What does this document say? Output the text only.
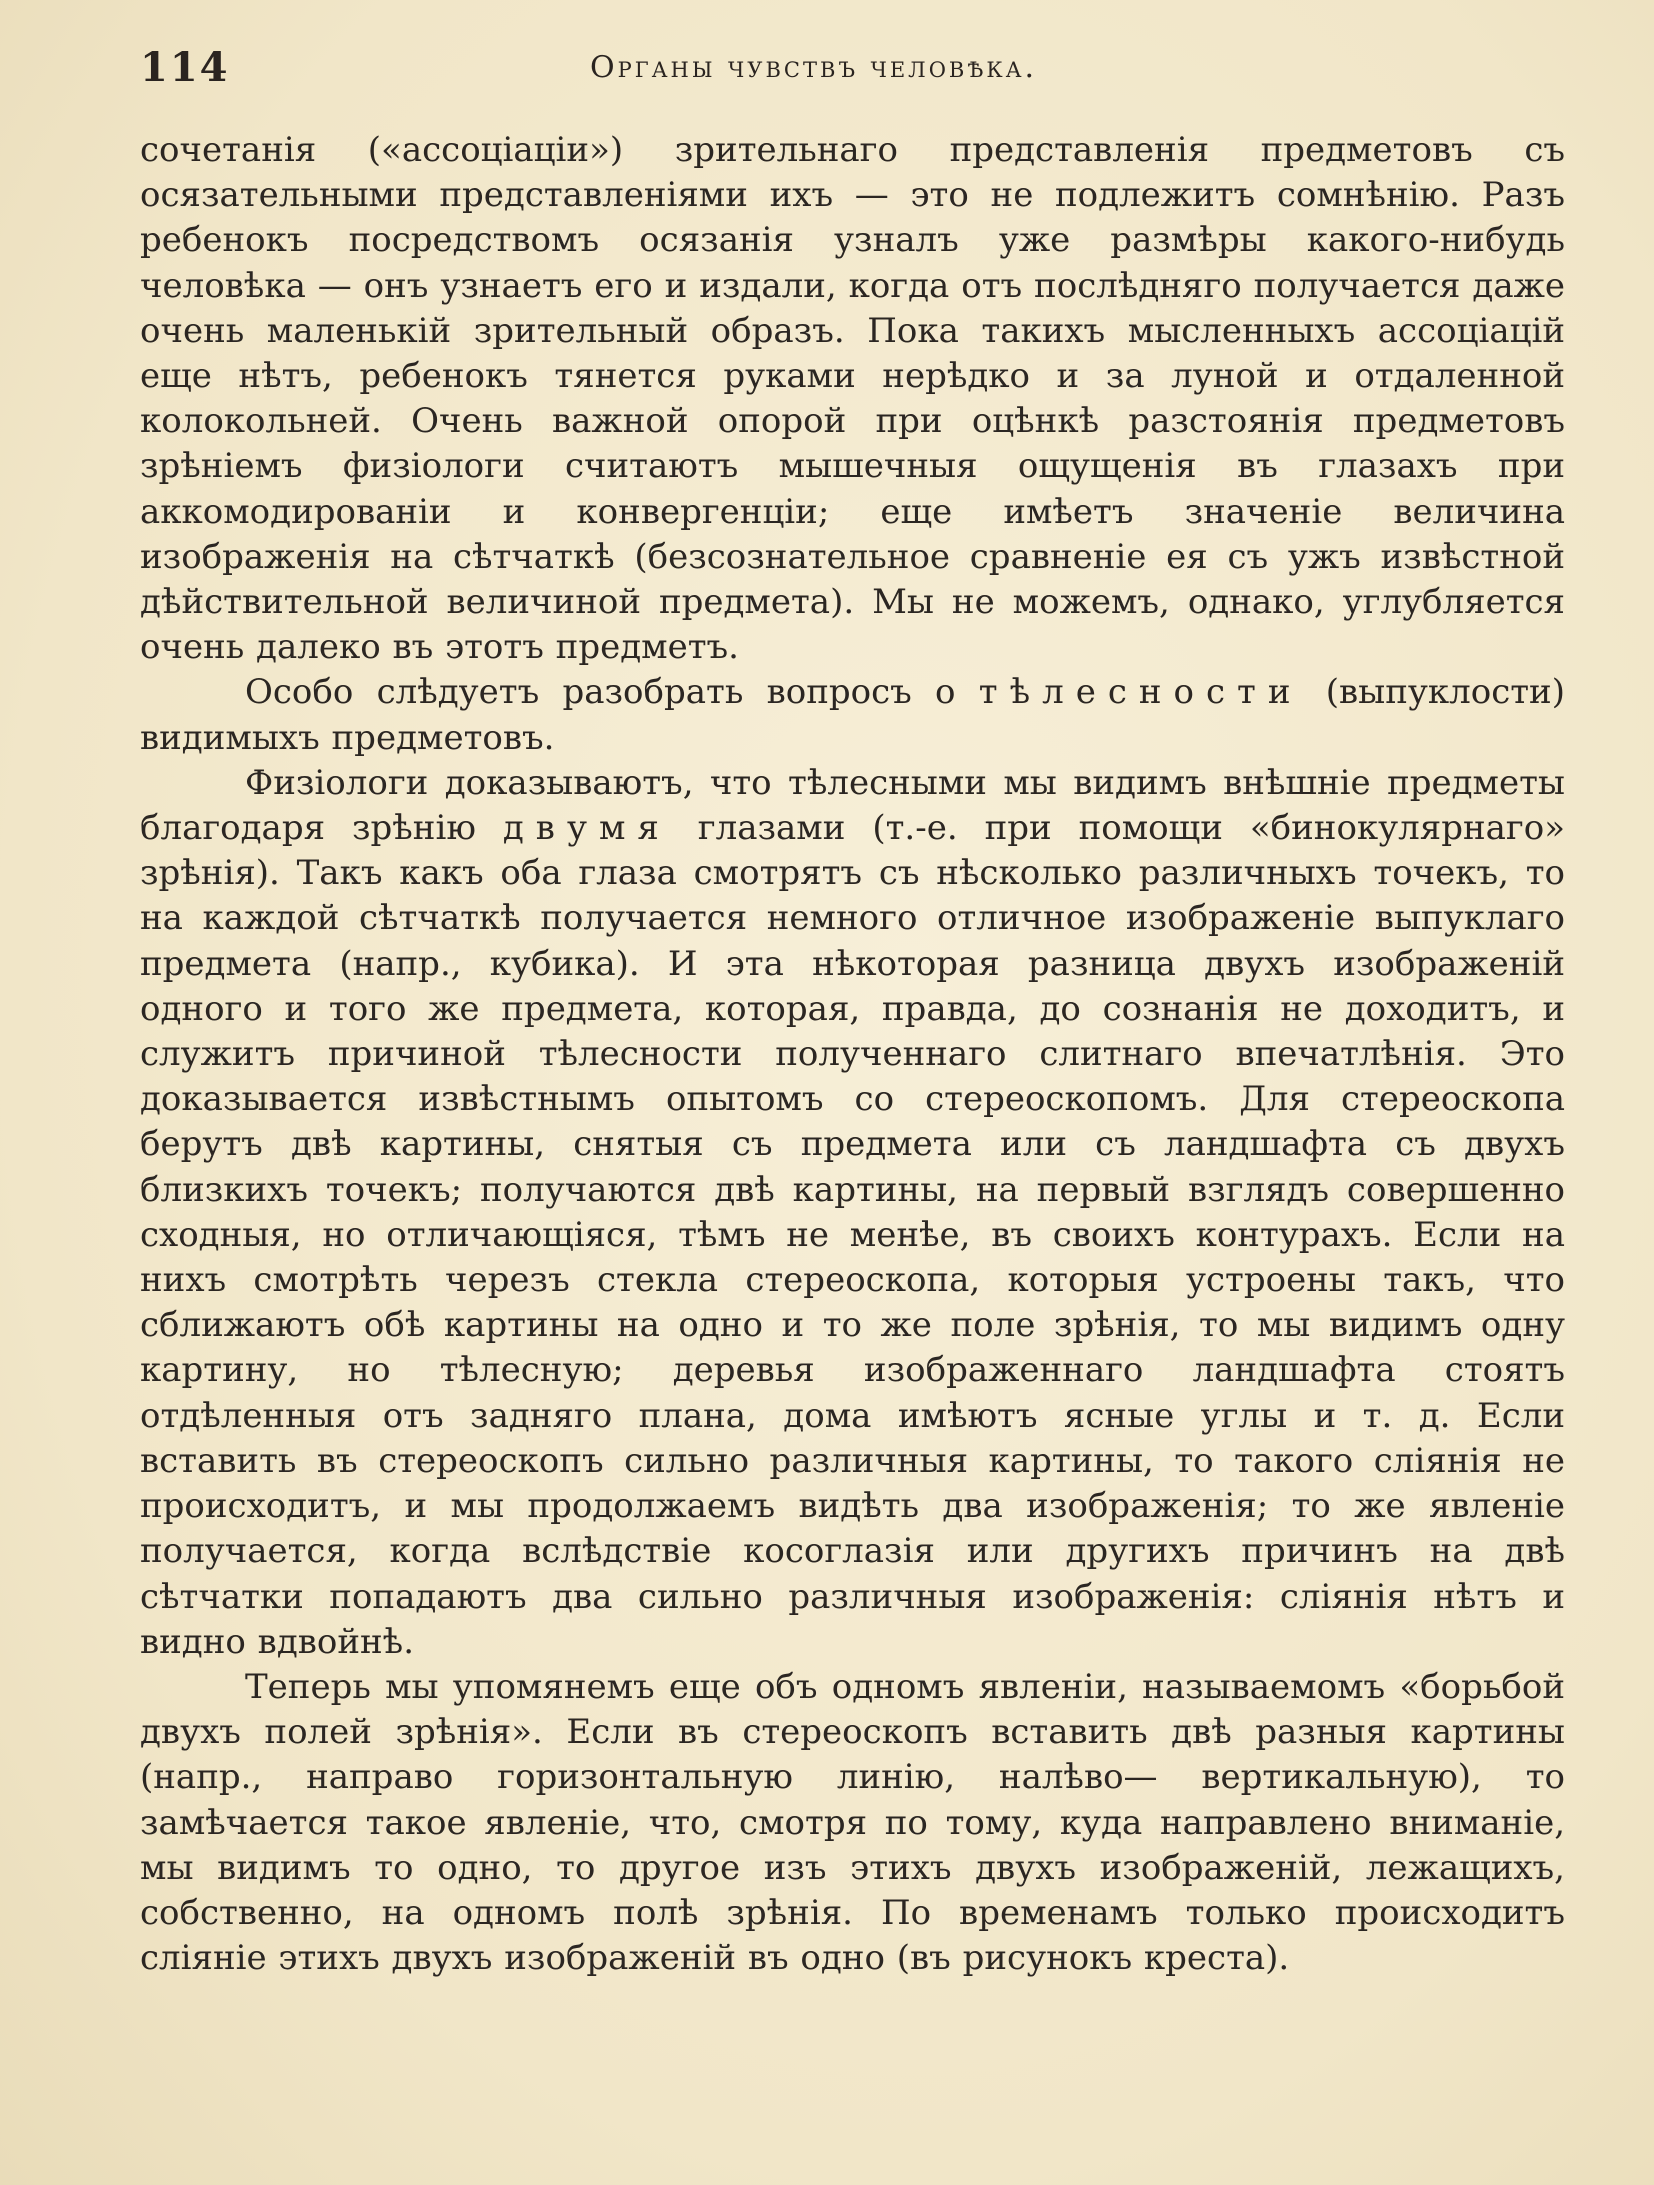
114	Органы чувствъ человѣка.

сочетанія («ассоціаціи») зрительнаго представленія предметовъ съ осязательными представленіями ихъ — это не подлежитъ сомнѣнію. Разъ ребенокъ посредствомъ осязанія узналъ уже размѣры какого-нибудь человѣка — онъ узнаетъ его и издали, когда отъ послѣдняго получается даже очень маленькій зрительный образъ. Пока такихъ мысленныхъ ассоціацій еще нѣтъ, ребенокъ тянется руками нерѣдко и за луной и отдаленной колокольней. Очень важной опорой при оцѣнкѣ разстоянія предметовъ зрѣніемъ физіологи считаютъ мышечныя ощущенія въ глазахъ при аккомодированіи и конвергенціи; еще имѣетъ значеніе величина изображенія на сѣтчаткѣ (безсознательное сравненіе ея съ ужъ извѣстной дѣйствительной величиной предмета). Мы не можемъ, однако, углубляется очень далеко въ этотъ предметъ.

Особо слѣдуетъ разобрать вопросъ о тѣлесности (выпуклости) видимыхъ предметовъ.

Физіологи доказываютъ, что тѣлесными мы видимъ внѣшніе предметы благодаря зрѣнію двумя глазами (т.-е. при помощи «бинокулярнаго» зрѣнія). Такъ какъ оба глаза смотрятъ съ нѣсколько различныхъ точекъ, то на каждой сѣтчаткѣ получается немного отличное изображеніе выпуклаго предмета (напр., кубика). И эта нѣкоторая разница двухъ изображеній одного и того же предмета, которая, правда, до сознанія не доходитъ, и служитъ причиной тѣлесности полученнаго слитнаго впечатлѣнія. Это доказывается извѣстнымъ опытомъ со стереоскопомъ. Для стереоскопа берутъ двѣ картины, снятыя съ предмета или съ ландшафта съ двухъ близкихъ точекъ; получаются двѣ картины, на первый взглядъ совершенно сходныя, но отличающіяся, тѣмъ не менѣе, въ своихъ контурахъ. Если на нихъ смотрѣть черезъ стекла стереоскопа, которыя устроены такъ, что сближаютъ обѣ картины на одно и то же поле зрѣнія, то мы видимъ одну картину, но тѣлесную; деревья изображеннаго ландшафта стоятъ отдѣленныя отъ задняго плана, дома имѣютъ ясные углы и т. д. Если вставить въ стереоскопъ сильно различныя картины, то такого слiянія не происходитъ, и мы продолжаемъ видѣть два изображенія; то же явленіе получается, когда вслѣдствіе косоглазія или другихъ причинъ на двѣ сѣтчатки попадаютъ два сильно различныя изображенія: слiянія нѣтъ и видно вдвойнѣ.

Теперь мы упомянемъ еще объ одномъ явленіи, называемомъ «борьбой двухъ полей зрѣнія». Если въ стереоскопъ вставить двѣ разныя картины (напр., направо горизонтальную линію, налѣво— вертикальную), то замѣчается такое явленіе, что, смотря по тому, куда направлено вниманіе, мы видимъ то одно, то другое изъ этихъ двухъ изображеній, лежащихъ, собственно, на одномъ полѣ зрѣнія. По временамъ только происходитъ сліяніе этихъ двухъ изображеній въ одно (въ рисунокъ креста).
